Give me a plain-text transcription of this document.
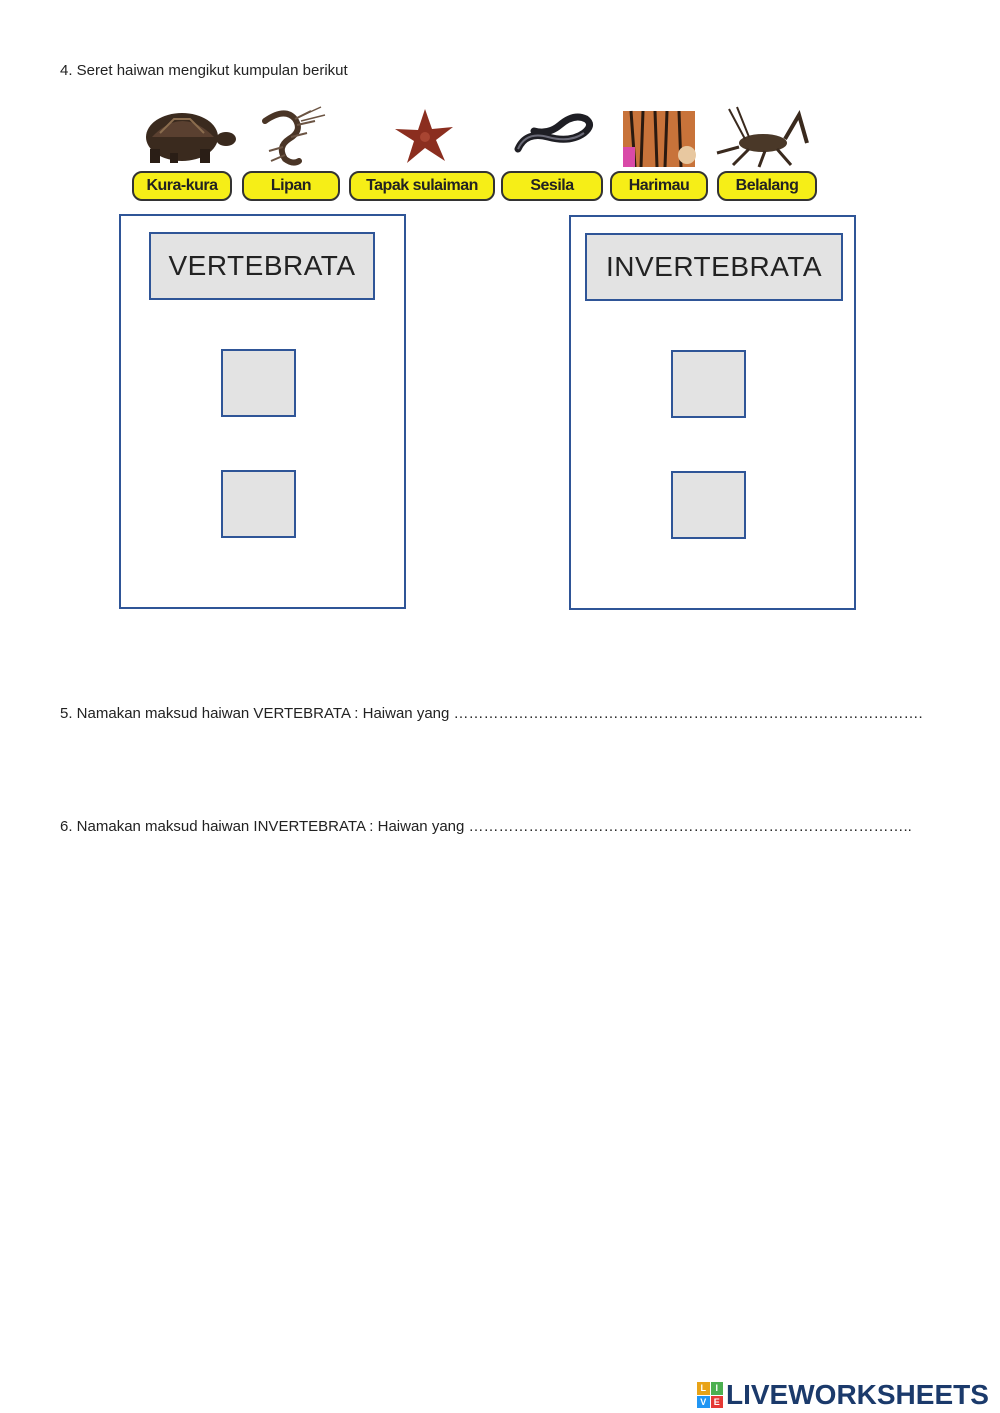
4. Seret haiwan mengikut kumpulan berikut
Kura-kura	Lipan	Tapak sulaiman	Sesila	Harimau	Belalang
VERTEBRATA	INVERTEBRATA
5. Namakan maksud haiwan VERTEBRATA : Haiwan yang ………………………………………………………………………………….
6. Namakan maksud haiwan INVERTEBRATA : Haiwan yang ……………………………………………………………………………..
L	I
V E LIVEWORKSHEETS
